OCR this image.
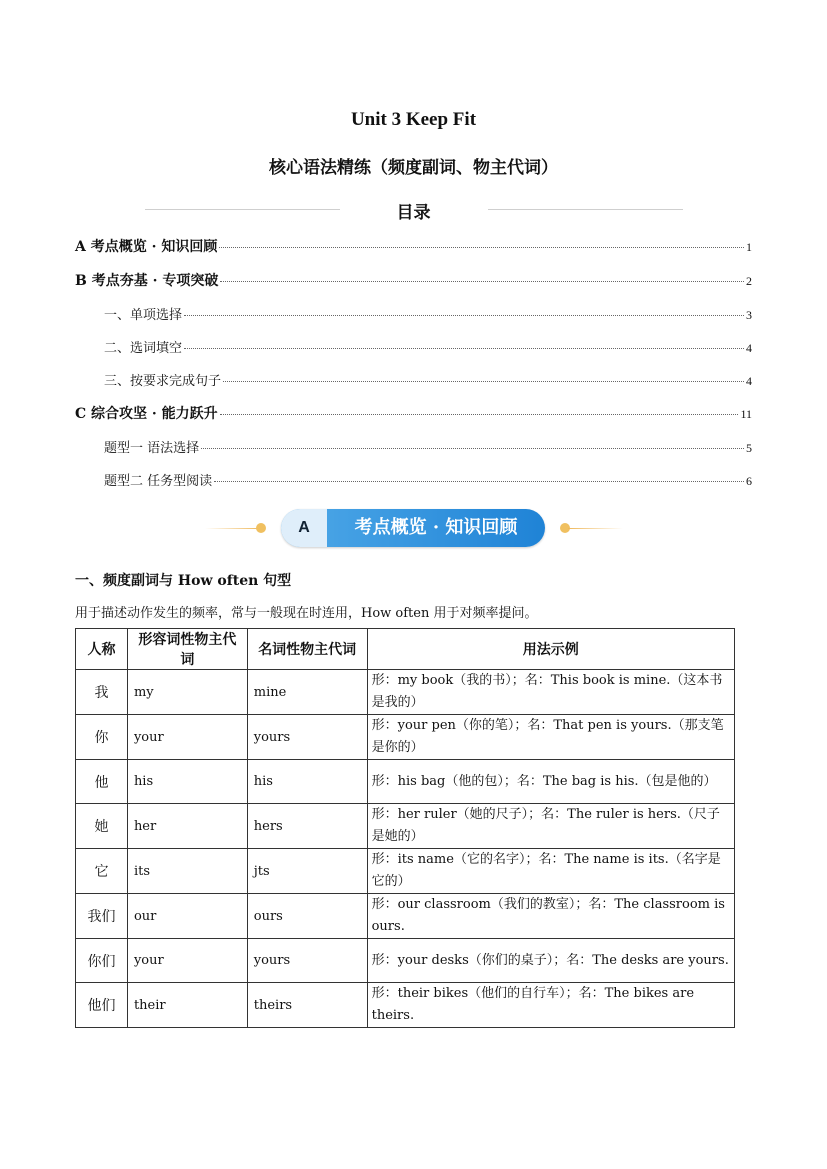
Unit 3 Keep Fit
核心语法精练（频度副词、物主代词）
目录
A 考点概览 · 知识回顾	1
B 考点夯基 · 专项突破	2
一、单项选择	3
二、选词填空	4
三、按要求完成句子	4
C 综合攻坚 · 能力跃升	11
题型一 语法选择	5
题型二 任务型阅读	6
A	考点概览 · 知识回顾
一、频度副词与 How often 句型
用于描述动作发生的频率，常与一般现在时连用，How often 用于对频率提问。
人称	形容词性物主代词	名词性物主代词	用法示例
我	my	mine	形：my book（我的书）；名：This book is mine.（这本书是我的）
你	your	yours	形：your pen（你的笔）；名：That pen is yours.（那支笔是你的）
他	his	his	形：his bag（他的包）；名：The bag is his.（包是他的）
她	her	hers	形：her ruler（她的尺子）；名：The ruler is hers.（尺子是她的）
它	its	jts	形：its name（它的名字）；名：The name is its.（名字是它的）
我们	our	ours	形：our classroom（我们的教室）；名：The classroom is ours.
你们	your	yours	形：your desks（你们的桌子）；名：The desks are yours.
他们	their	theirs	形：their bikes（他们的自行车）；名：The bikes are theirs.
